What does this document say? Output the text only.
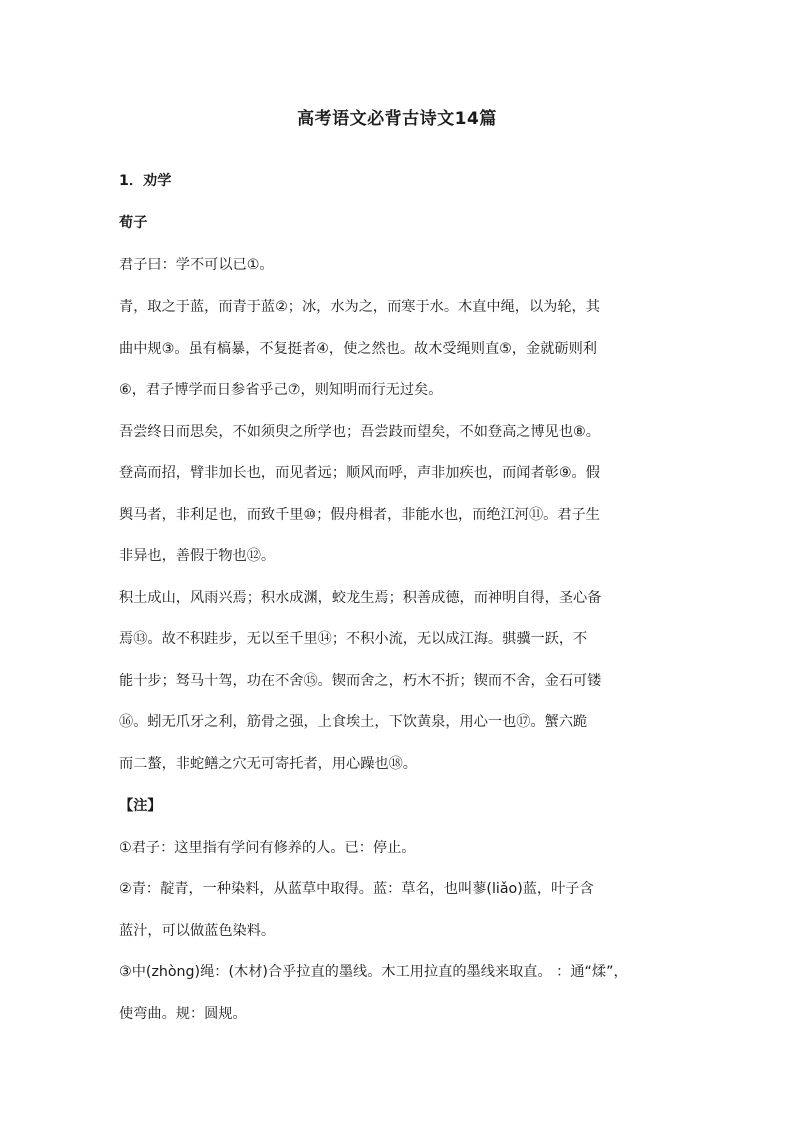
高考语文必背古诗文14篇
1．劝学
荀子
君子曰：学不可以已①。
青，取之于蓝，而青于蓝②；冰，水为之，而寒于水。木直中绳，以为轮，其
曲中规③。虽有槁暴，不复挺者④，使之然也。故木受绳则直⑤，金就砺则利
⑥，君子博学而日参省乎己⑦，则知明而行无过矣。
吾尝终日而思矣，不如须臾之所学也；吾尝跂而望矣，不如登高之博见也⑧。
登高而招，臂非加长也，而见者远；顺风而呼，声非加疾也，而闻者彰⑨。假
舆马者，非利足也，而致千里⑩；假舟楫者，非能水也，而绝江河⑪。君子生
非异也，善假于物也⑫。
积土成山，风雨兴焉；积水成渊，蛟龙生焉；积善成德，而神明自得，圣心备
焉⑬。故不积跬步，无以至千里⑭；不积小流，无以成江海。骐骥一跃，不
能十步；驽马十驾，功在不舍⑮。锲而舍之，朽木不折；锲而不舍，金石可镂
⑯。蚓无爪牙之利，筋骨之强，上食埃土，下饮黄泉，用心一也⑰。蟹六跪
而二螯，非蛇鳝之穴无可寄托者，用心躁也⑱。
【注】
①君子：这里指有学问有修养的人。已：停止。
②青：靛青，一种染料，从蓝草中取得。蓝：草名，也叫蓼(liǎo)蓝，叶子含
蓝汁，可以做蓝色染料。
③中(zhòng)绳：(木材)合乎拉直的墨线。木工用拉直的墨线来取直。 ：通“煣”，
使弯曲。规：圆规。
